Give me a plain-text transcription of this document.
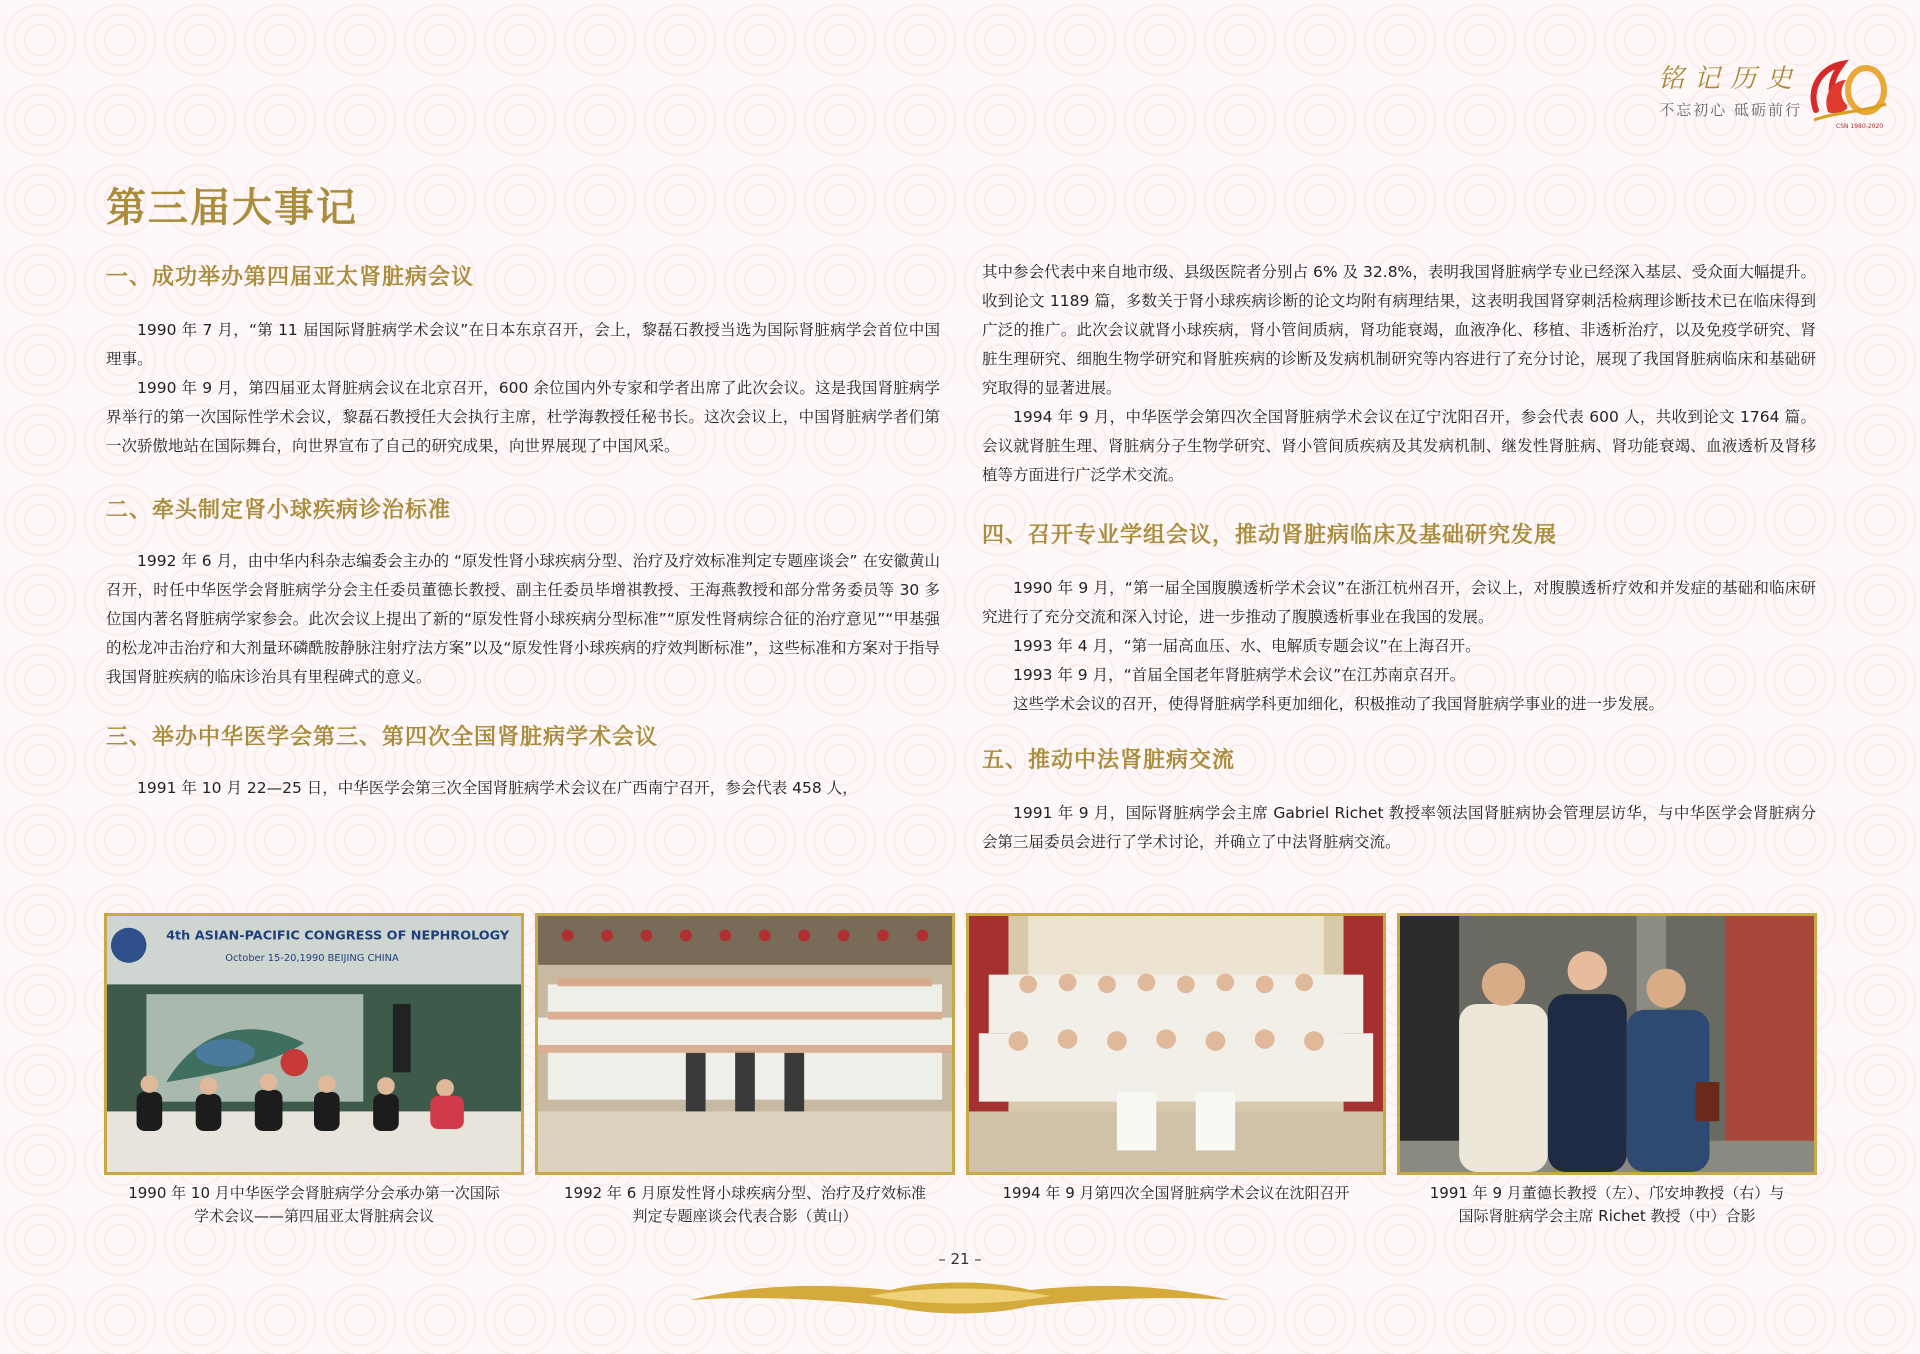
铭记历史
不忘初心 砥砺前行
CSN 1980-2020
第三届大事记
一、成功举办第四届亚太肾脏病会议

1990 年 7 月，“第 11 届国际肾脏病学术会议”在日本东京召开，会上，黎磊石教授当选为国际肾脏病学会首位中国理事。

1990 年 9 月，第四届亚太肾脏病会议在北京召开，600 余位国内外专家和学者出席了此次会议。这是我国肾脏病学界举行的第一次国际性学术会议，黎磊石教授任大会执行主席，杜学海教授任秘书长。这次会议上，中国肾脏病学者们第一次骄傲地站在国际舞台，向世界宣布了自己的研究成果，向世界展现了中国风采。

二、牵头制定肾小球疾病诊治标准

1992 年 6 月，由中华内科杂志编委会主办的 “原发性肾小球疾病分型、治疗及疗效标准判定专题座谈会” 在安徽黄山召开，时任中华医学会肾脏病学分会主任委员董德长教授、副主任委员毕增祺教授、王海燕教授和部分常务委员等 30 多位国内著名肾脏病学家参会。此次会议上提出了新的“原发性肾小球疾病分型标准”“原发性肾病综合征的治疗意见”“甲基强的松龙冲击治疗和大剂量环磷酰胺静脉注射疗法方案”以及“原发性肾小球疾病的疗效判断标准”，这些标准和方案对于指导我国肾脏疾病的临床诊治具有里程碑式的意义。

三、举办中华医学会第三、第四次全国肾脏病学术会议

1991 年 10 月 22—25 日，中华医学会第三次全国肾脏病学术会议在广西南宁召开，参会代表 458 人，

其中参会代表中来自地市级、县级医院者分别占 6% 及 32.8%，表明我国肾脏病学专业已经深入基层、受众面大幅提升。收到论文 1189 篇，多数关于肾小球疾病诊断的论文均附有病理结果，这表明我国肾穿刺活检病理诊断技术已在临床得到广泛的推广。此次会议就肾小球疾病，肾小管间质病，肾功能衰竭，血液净化、移植、非透析治疗，以及免疫学研究、肾脏生理研究、细胞生物学研究和肾脏疾病的诊断及发病机制研究等内容进行了充分讨论，展现了我国肾脏病临床和基础研究取得的显著进展。

1994 年 9 月，中华医学会第四次全国肾脏病学术会议在辽宁沈阳召开，参会代表 600 人，共收到论文 1764 篇。会议就肾脏生理、肾脏病分子生物学研究、肾小管间质疾病及其发病机制、继发性肾脏病、肾功能衰竭、血液透析及肾移植等方面进行广泛学术交流。

四、召开专业学组会议，推动肾脏病临床及基础研究发展

1990 年 9 月，“第一届全国腹膜透析学术会议”在浙江杭州召开，会议上，对腹膜透析疗效和并发症的基础和临床研究进行了充分交流和深入讨论，进一步推动了腹膜透析事业在我国的发展。

1993 年 4 月，“第一届高血压、水、电解质专题会议”在上海召开。

1993 年 9 月，“首届全国老年肾脏病学术会议”在江苏南京召开。

这些学术会议的召开，使得肾脏病学科更加细化，积极推动了我国肾脏病学事业的进一步发展。

五、推动中法肾脏病交流

1991 年 9 月，国际肾脏病学会主席 Gabriel Richet 教授率领法国肾脏病协会管理层访华，与中华医学会肾脏病分会第三届委员会进行了学术讨论，并确立了中法肾脏病交流。

4th ASIAN-PACIFIC CONGRESS OF NEPHROLOGY
October 15-20,1990 BEIJING CHINA
1990 年 10 月中华医学会肾脏病学分会承办第一次国际
学术会议——第四届亚太肾脏病会议
1992 年 6 月原发性肾小球疾病分型、治疗及疗效标准
判定专题座谈会代表合影（黄山）
1994 年 9 月第四次全国肾脏病学术会议在沈阳召开	1991 年 9 月董德长教授（左）、邝安坤教授（右）与
国际肾脏病学会主席 Richet 教授（中）合影
– 21 –
